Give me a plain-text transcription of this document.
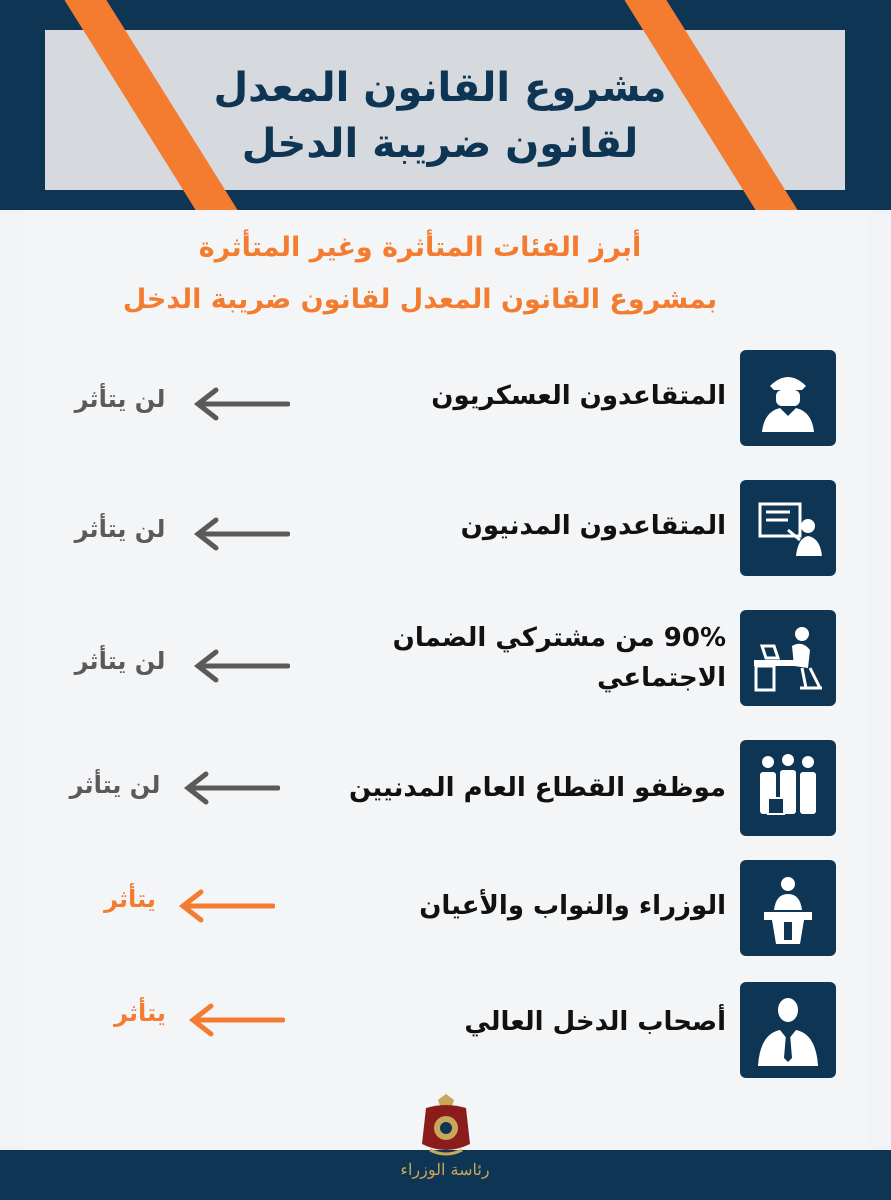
مشروع القانون المعدل
لقانون ضريبة الدخل
أبرز الفئات المتأثرة وغير المتأثرة
بمشروع القانون المعدل لقانون ضريبة الدخل
المتقاعدون العسكريون
لن يتأثر
المتقاعدون المدنيون
لن يتأثر
90% من مشتركي الضمان الاجتماعي
لن يتأثر
موظفو القطاع العام المدنيين
لن يتأثر
الوزراء والنواب والأعيان
يتأثر
أصحاب الدخل العالي
يتأثر
رئاسة الوزراء
